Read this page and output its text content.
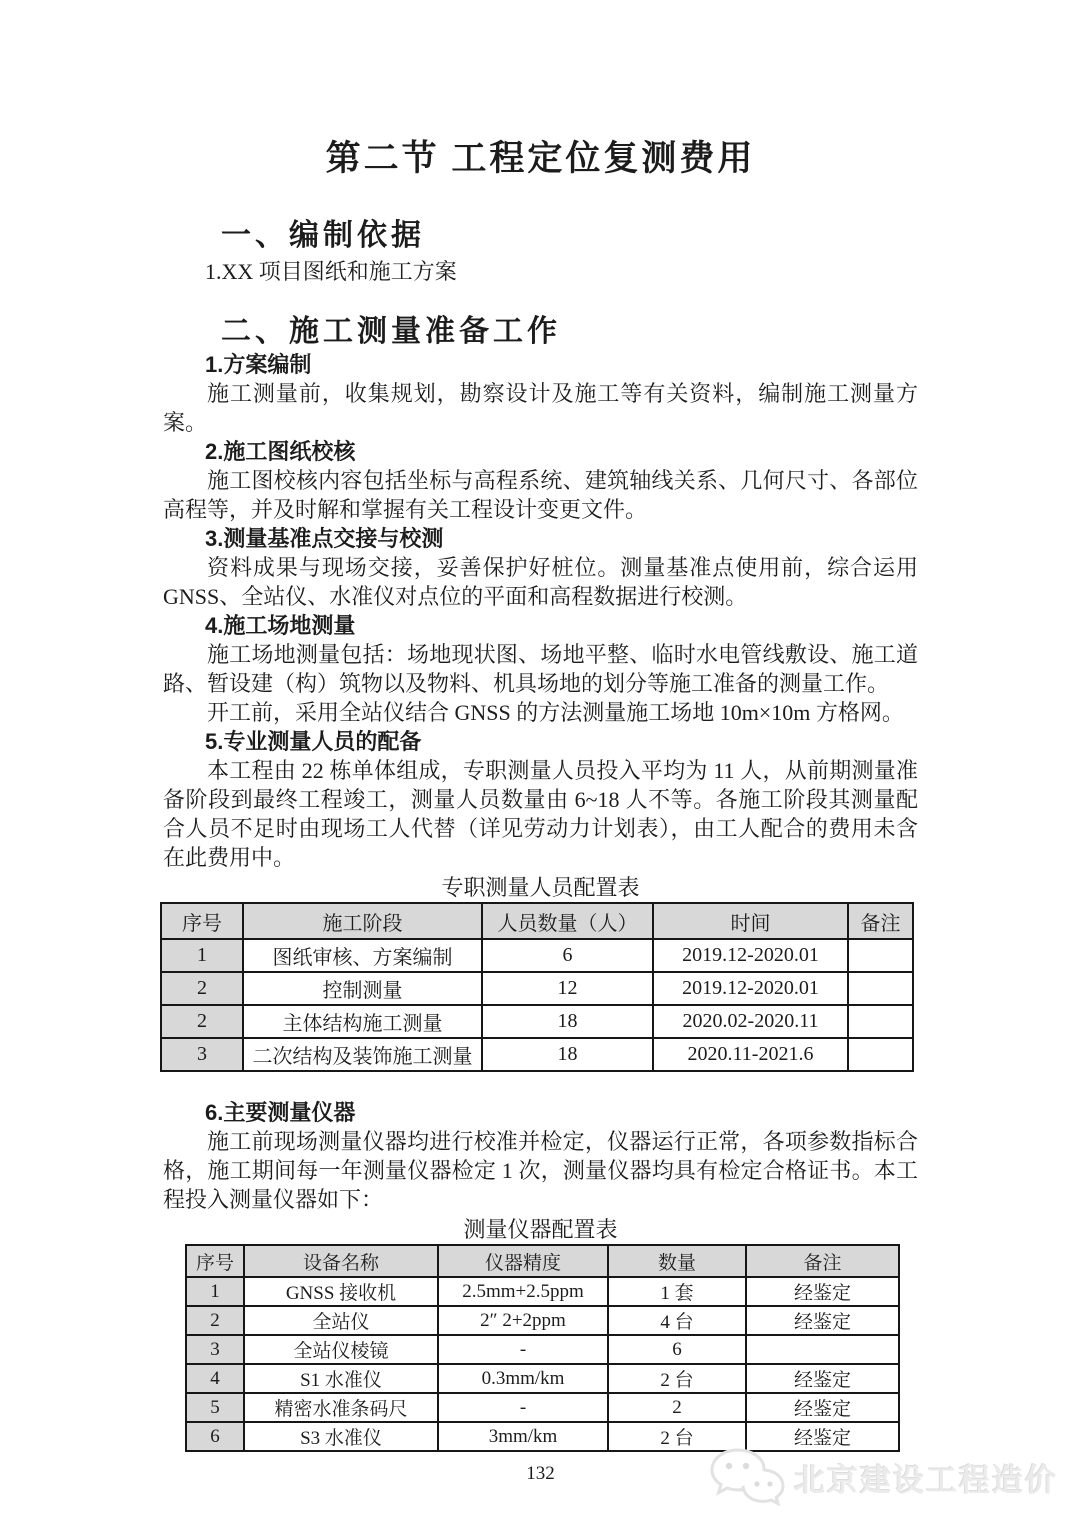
第二节 工程定位复测费用
一、编制依据
1.XX 项目图纸和施工方案
二、施工测量准备工作
1.方案编制

施工测量前，收集规划，勘察设计及施工等有关资料，编制施工测量方案。

2.施工图纸校核

施工图校核内容包括坐标与高程系统、建筑轴线关系、几何尺寸、各部位高程等，并及时解和掌握有关工程设计变更文件。

3.测量基准点交接与校测

资料成果与现场交接，妥善保护好桩位。测量基准点使用前，综合运用 GNSS、全站仪、水准仪对点位的平面和高程数据进行校测。

4.施工场地测量

施工场地测量包括：场地现状图、场地平整、临时水电管线敷设、施工道路、暂设建（构）筑物以及物料、机具场地的划分等施工准备的测量工作。

开工前，采用全站仪结合 GNSS 的方法测量施工场地 10m×10m 方格网。

5.专业测量人员的配备

本工程由 22 栋单体组成，专职测量人员投入平均为 11 人，从前期测量准备阶段到最终工程竣工，测量人员数量由 6~18 人不等。各施工阶段其测量配合人员不足时由现场工人代替（详见劳动力计划表），由工人配合的费用未含在此费用中。

专职测量人员配置表
序号	施工阶段	人员数量（人）	时间	备注
1	图纸审核、方案编制	6	2019.12-2020.01	
2	控制测量	12	2019.12-2020.01	
2	主体结构施工测量	18	2020.02-2020.11	
3	二次结构及装饰施工测量	18	2020.11-2021.6	
6.主要测量仪器

施工前现场测量仪器均进行校准并检定，仪器运行正常，各项参数指标合格，施工期间每一年测量仪器检定 1 次，测量仪器均具有检定合格证书。本工程投入测量仪器如下：

测量仪器配置表
序号	设备名称	仪器精度	数量	备注
1	GNSS 接收机	2.5mm+2.5ppm	1 套	经鉴定
2	全站仪	2″ 2+2ppm	4 台	经鉴定
3	全站仪棱镜	-	6	
4	S1 水准仪	0.3mm/km	2 台	经鉴定
5	精密水准条码尺	-	2	经鉴定
6	S3 水准仪	3mm/km	2 台	经鉴定
132	北京建设工程造价
